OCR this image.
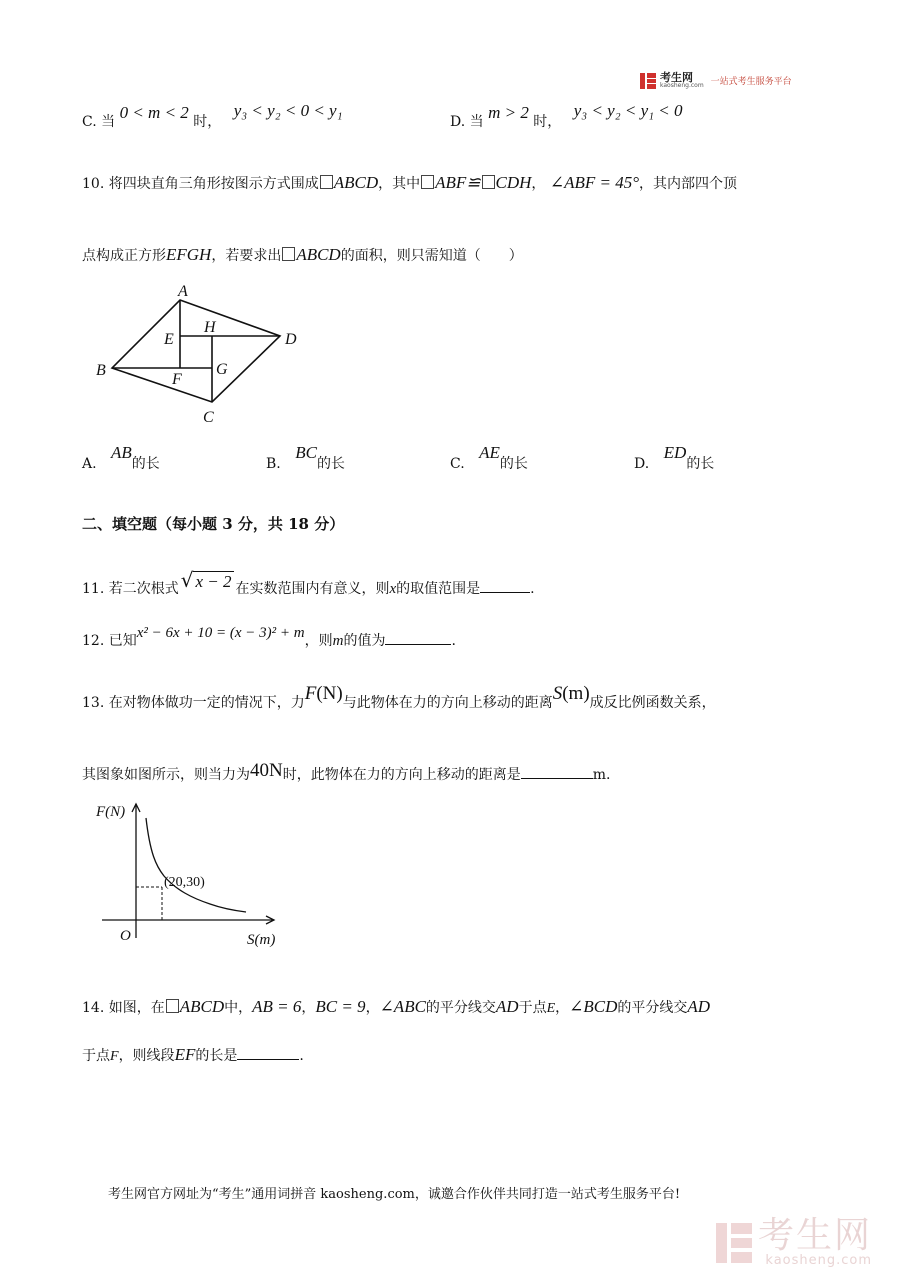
考生网
kaosheng.com 一站式考生服务平台
C. 当 0 < m < 2 时， y₃ < y₂ < 0 < y₁
D. 当 m > 2 时， y₃ < y₂ < y₁ < 0
10. 将四块直角三角形按图示方式围成 ABCD，其中 ABF≌ CDH， ∠ABF = 45°，其内部四个顶
点构成正方形EFGH，若要求出 ABCD的面积，则只需知道（　　）
A
B
C
D
E
F
G
H
A. AB的长	B. BC的长	C. AE的长	D. ED的长
二、填空题（每小题 3 分，共 18 分）
11. 若二次根式 √ x − 2 在实数范围内有意义，则x的取值范围是	.
12. 已知x² − 6x + 10 = (x − 3)² + m，则m的值为	.
13. 在对物体做功一定的情况下，力F(N)与此物体在力的方向上移动的距离S(m)成反比例函数关系，
其图象如图所示，则当力为40N时，此物体在力的方向上移动的距离是	m.
F(N)
S(m)
O
(20,30)
14. 如图，在 ABCD中，AB = 6，BC = 9，∠ABC的平分线交AD于点E，∠BCD的平分线交AD
于点F，则线段EF的长是	.
考生网官方网址为“考生”通用词拼音 kaosheng.com，诚邀合作伙伴共同打造一站式考生服务平台!
考生网
kaosheng.com
